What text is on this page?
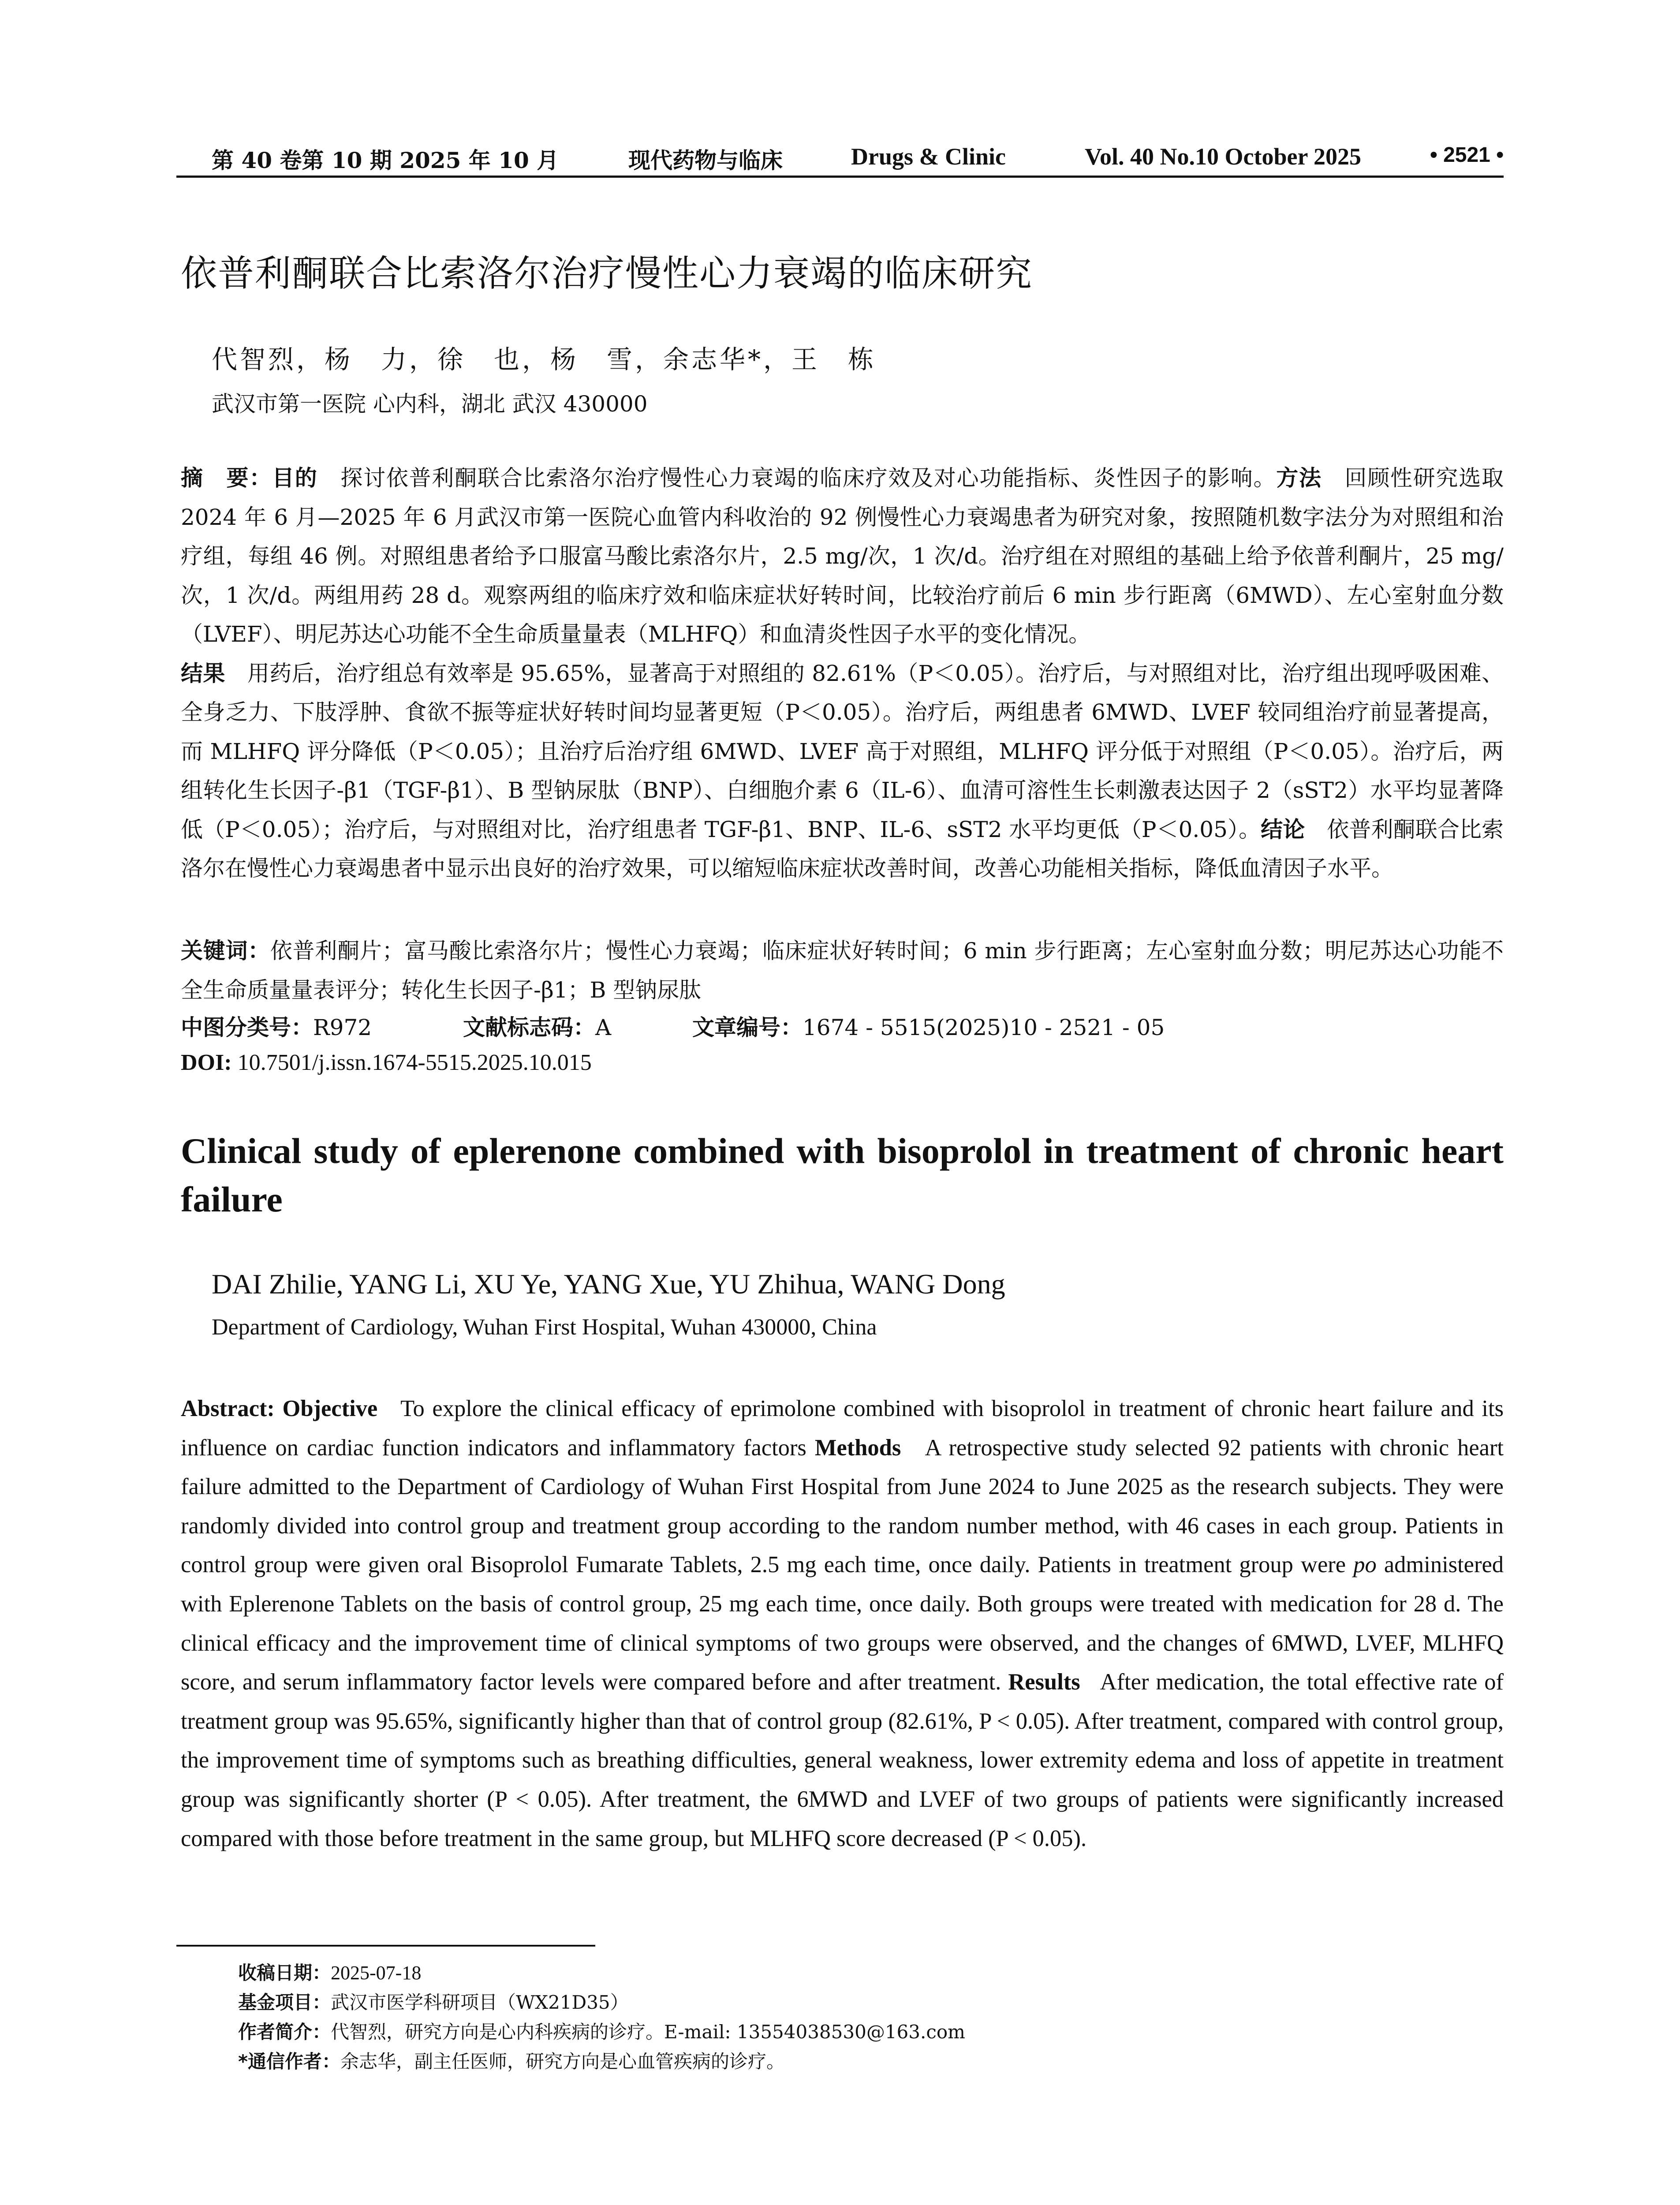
第 40 卷第 10 期 2025 年 10 月	现代药物与临床	Drugs & Clinic	Vol. 40 No.10 October 2025	• 2521 •
依普利酮联合比索洛尔治疗慢性心力衰竭的临床研究
代智烈，杨　力，徐　也，杨　雪，余志华*，王　栋
武汉市第一医院 心内科，湖北 武汉 430000
摘　要：目的　 探讨依普利酮联合比索洛尔治疗慢性心力衰竭的临床疗效及对心功能指标、炎性因子的影响。方法　 回顾性研究选取 2024 年 6 月—2025 年 6 月武汉市第一医院心血管内科收治的 92 例慢性心力衰竭患者为研究对象，按照随机数字法分为对照组和治疗组，每组 46 例。对照组患者给予口服富马酸比索洛尔片，2.5 mg/次，1 次/d。治疗组在对照组的基础上给予依普利酮片，25 mg/次，1 次/d。两组用药 28 d。观察两组的临床疗效和临床症状好转时间，比较治疗前后 6 min 步行距离（6MWD）、左心室射血分数（LVEF）、明尼苏达心功能不全生命质量量表（MLHFQ）和血清炎性因子水平的变化情况。
结果　 用药后，治疗组总有效率是 95.65%，显著高于对照组的 82.61%（P＜0.05）。治疗后，与对照组对比，治疗组出现呼吸困难、全身乏力、下肢浮肿、食欲不振等症状好转时间均显著更短（P＜0.05）。治疗后，两组患者 6MWD、LVEF 较同组治疗前显著提高，而 MLHFQ 评分降低（P＜0.05）；且治疗后治疗组 6MWD、LVEF 高于对照组，MLHFQ 评分低于对照组（P＜0.05）。治疗后，两组转化生长因子-β1（TGF-β1）、B 型钠尿肽（BNP）、白细胞介素 6（IL-6）、血清可溶性生长刺激表达因子 2（sST2）水平均显著降低（P＜0.05）；治疗后，与对照组对比，治疗组患者 TGF-β1、BNP、IL-6、sST2 水平均更低（P＜0.05）。结论　 依普利酮联合比索洛尔在慢性心力衰竭患者中显示出良好的治疗效果，可以缩短临床症状改善时间，改善心功能相关指标，降低血清因子水平。
关键词：依普利酮片；富马酸比索洛尔片；慢性心力衰竭；临床症状好转时间；6 min 步行距离；左心室射血分数；明尼苏达心功能不全生命质量量表评分；转化生长因子-β1；B 型钠尿肽
中图分类号：R972	文献标志码：A	文章编号：1674 - 5515(2025)10 - 2521 - 05
DOI: 10.7501/j.issn.1674-5515.2025.10.015
Clinical study of eplerenone combined with bisoprolol in treatment of chronic heart failure
DAI Zhilie, YANG Li, XU Ye, YANG Xue, YU Zhihua, WANG Dong
Department of Cardiology, Wuhan First Hospital, Wuhan 430000, China
Abstract: Objective To explore the clinical efficacy of eprimolone combined with bisoprolol in treatment of chronic heart failure and its influence on cardiac function indicators and inflammatory factors Methods A retrospective study selected 92 patients with chronic heart failure admitted to the Department of Cardiology of Wuhan First Hospital from June 2024 to June 2025 as the research subjects. They were randomly divided into control group and treatment group according to the random number method, with 46 cases in each group. Patients in control group were given oral Bisoprolol Fumarate Tablets, 2.5 mg each time, once daily. Patients in treatment group were po administered with Eplerenone Tablets on the basis of control group, 25 mg each time, once daily. Both groups were treated with medication for 28 d. The clinical efficacy and the improvement time of clinical symptoms of two groups were observed, and the changes of 6MWD, LVEF, MLHFQ score, and serum inflammatory factor levels were compared before and after treatment. Results After medication, the total effective rate of treatment group was 95.65%, significantly higher than that of control group (82.61%, P < 0.05). After treatment, compared with control group, the improvement time of symptoms such as breathing difficulties, general weakness, lower extremity edema and loss of appetite in treatment group was significantly shorter (P < 0.05). After treatment, the 6MWD and LVEF of two groups of patients were significantly increased compared with those before treatment in the same group, but MLHFQ score decreased (P < 0.05).
收稿日期：2025-07-18
基金项目：武汉市医学科研项目（WX21D35）
作者简介：代智烈，研究方向是心内科疾病的诊疗。E-mail: 13554038530@163.com
*通信作者：余志华，副主任医师，研究方向是心血管疾病的诊疗。
